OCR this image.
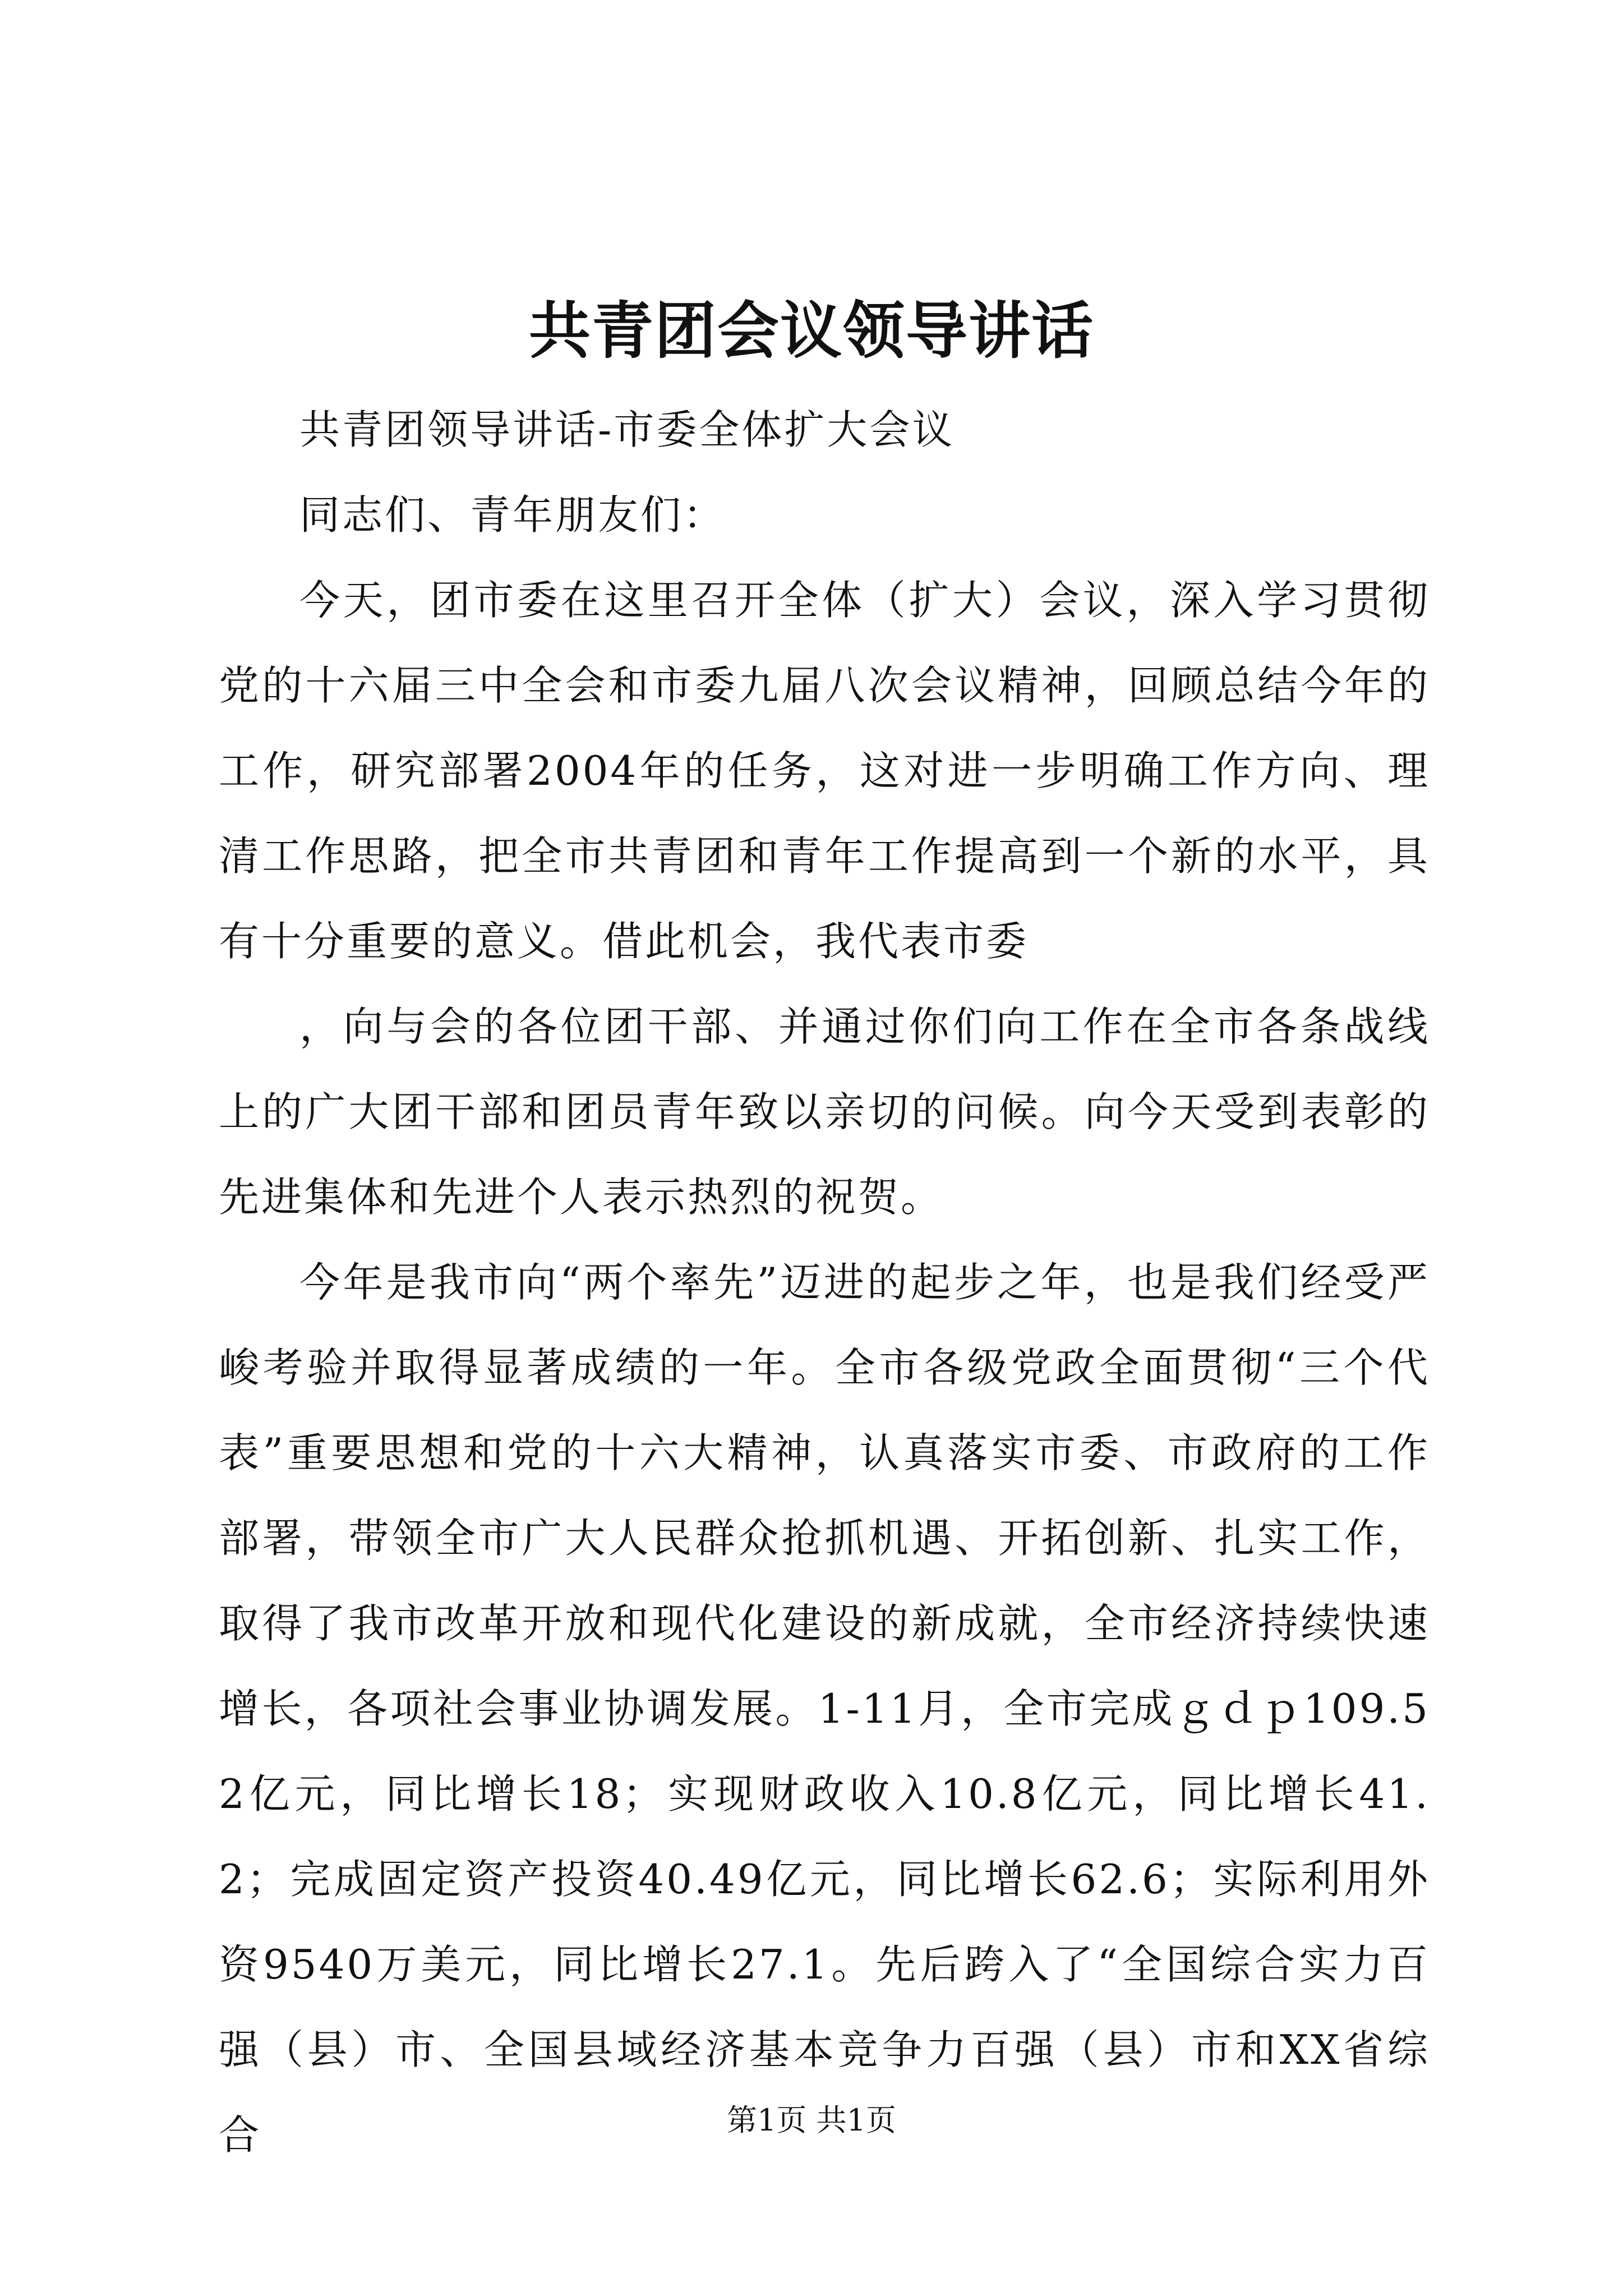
共青团会议领导讲话

共青团领导讲话-市委全体扩大会议

同志们、青年朋友们：

今天，团市委在这里召开全体（扩大）会议，深入学习贯彻党的十六届三中全会和市委九届八次会议精神，回顾总结今年的工作，研究部署2004年的任务，这对进一步明确工作方向、理清工作思路，把全市共青团和青年工作提高到一个新的水平，具有十分重要的意义。借此机会，我代表市委

，向与会的各位团干部、并通过你们向工作在全市各条战线上的广大团干部和团员青年致以亲切的问候。向今天受到表彰的先进集体和先进个人表示热烈的祝贺。

今年是我市向“两个率先”迈进的起步之年，也是我们经受严峻考验并取得显著成绩的一年。全市各级党政全面贯彻“三个代表”重要思想和党的十六大精神，认真落实市委、市政府的工作部署，带领全市广大人民群众抢抓机遇、开拓创新、扎实工作，取得了我市改革开放和现代化建设的新成就，全市经济持续快速增长，各项社会事业协调发展。1-11月，全市完成ｇｄｐ109.52亿元，同比增长18；实现财政收入10.8亿元，同比增长41.2；完成固定资产投资40.49亿元，同比增长62.6；实际利用外资9540万美元，同比增长27.1。先后跨入了“全国综合实力百强（县）市、全国县域经济基本竞争力百强（县）市和XX省综合	第1页 共1页
